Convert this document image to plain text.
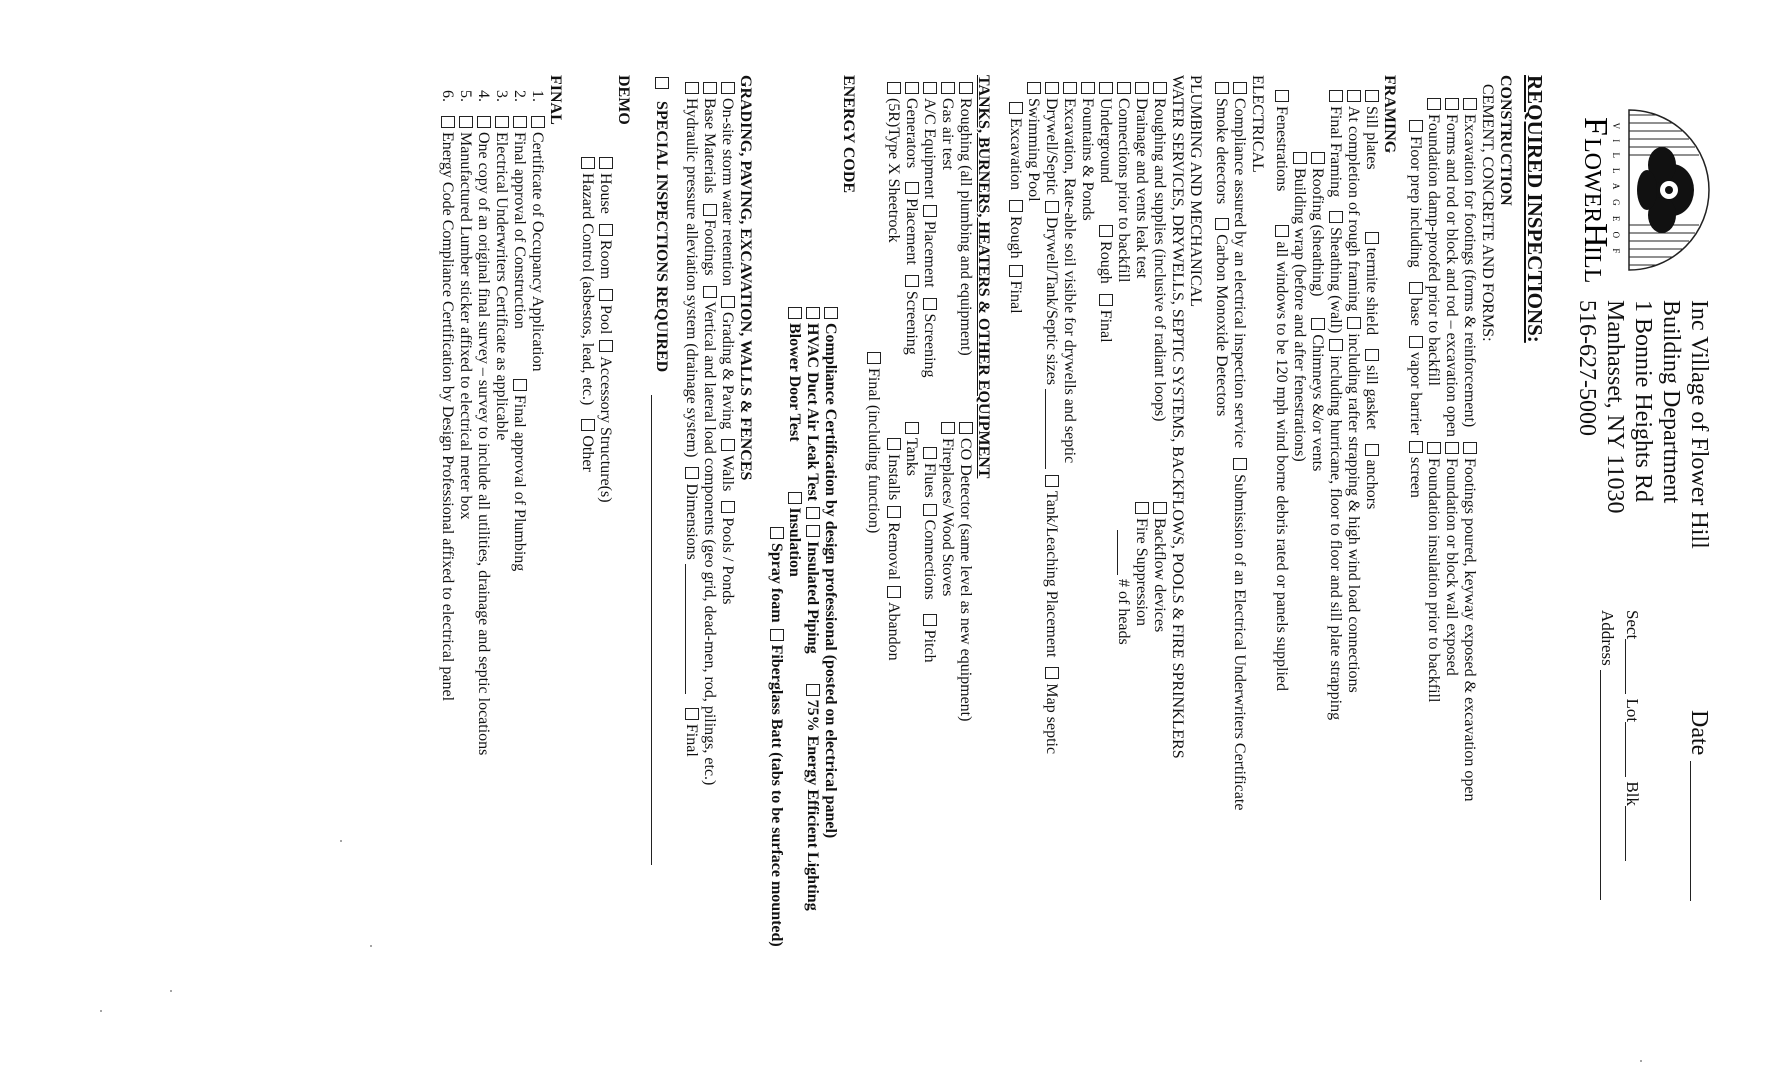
V I L L A G E O F
F
LOWER
H
ILL
Inc Village of Flower Hill
Building Department
1 Bonnie Heights Rd
Manhasset, NY 11030
516-627-5000
Date
Sect Lot Blk
Address
REQUIRED INSPECTIONS:
CONSTRUCTION
CEMENT, CONCRETE AND FORMS:
Excavation for footings (forms & reinforcement)
Footings poured, keyway exposed & excavation open
Forms and rod or block and rod – excavation open
Foundation or block wall exposed
Foundation damp-proofed prior to backfill
Foundation insulation prior to backfill
Floor prep including   base  vapor barrier screen
FRAMING
Sill plates               termite shield   sill gasket   anchors
At completion of rough framing including rafter strapping & high wind load connections
Final Framing   Sheathing (wall) including hurricane, floor to floor and sill plate strapping
Roofing (sheathing)     Chimneys &/or vents
Building wrap (before and after fenestrations)
Fenestrations        all windows to be 120 mph wind borne debris rated or panels supplied
ELECTRICAL
Compliance assured by an electrical inspection service  Submission of an Electrical Underwriters Certificate
Smoke detectors   Carbon Monoxide Detectors
PLUMBING AND MECHANICAL
WATER SERVICES, DRYWELLS, SEPTIC SYSTEMS, BACKFLOWS, POOLS & FIRE SPRINKLERS
Roughing and supplies (inclusive of radiant loops)
Backflow devices
Drainage and vents leak test
Fire Suppression
Connections prior to backfill
# of heads
Underground          Rough  Final
Fountains & Ponds
Excavation, Rate-able soil visible for drywells and septic
Drywell/Septic Drywell/Tank/Septic sizes  Tank/Leaching Placement  Map septic
Swimming Pool
Excavation  Rough Final
TANKS, BURNERS, HEATERS & OTHER EQUIPMENT
Roughing (all plumbing and equipment)
CO Detector (same level as new equipment)
Gas air test
Fireplaces/ Wood Stoves
A/C Equipment Placement  Screening
Flues Connections   Pitch
Generators   Placement  Screening
Tanks
(5R)Type X Sheetrock
Installs Removal Abandon
Final (including function)
ENERGY CODE
Compliance Certification by design professional (posted on electrical panel)
HVAC Duct Air Leak Test Insulated Piping       75% Energy Efficient Lighting
Blower Door Test            Insulation
Spray foam Fiberglass Batt (tabs to be surface mounted)
GRADING, PAVING, EXCAVATION, WALLS & FENCES
On-site storm water retention  Grading & Paving  Walls  Pools / Ponds
Base Materials  Footings  Vertical and lateral load components (geo grid, dead-men, rod, pilings, etc.)
Hydraulic pressure alleviation system (drainage system)  Dimensions    Final
SPECIAL INSPECTIONS REQUIRED
DEMO
House  Room  Pool Accessory Structure(s)
Hazard Control (asbestos, lead, etc.)   Other
FINAL
1.   Certificate of Occupancy Application
2.   Final approval of Construction            Final approval of Plumbing
3.   Electrical Underwriters Certificate as applicable
4.   One copy of an original final survey – survey to include all utilities, drainage and septic locations
5.   Manufactured Lumber sticker affixed to electrical meter box
6.   Energy Code Compliance Certification by Design Professional affixed to electrical panel
